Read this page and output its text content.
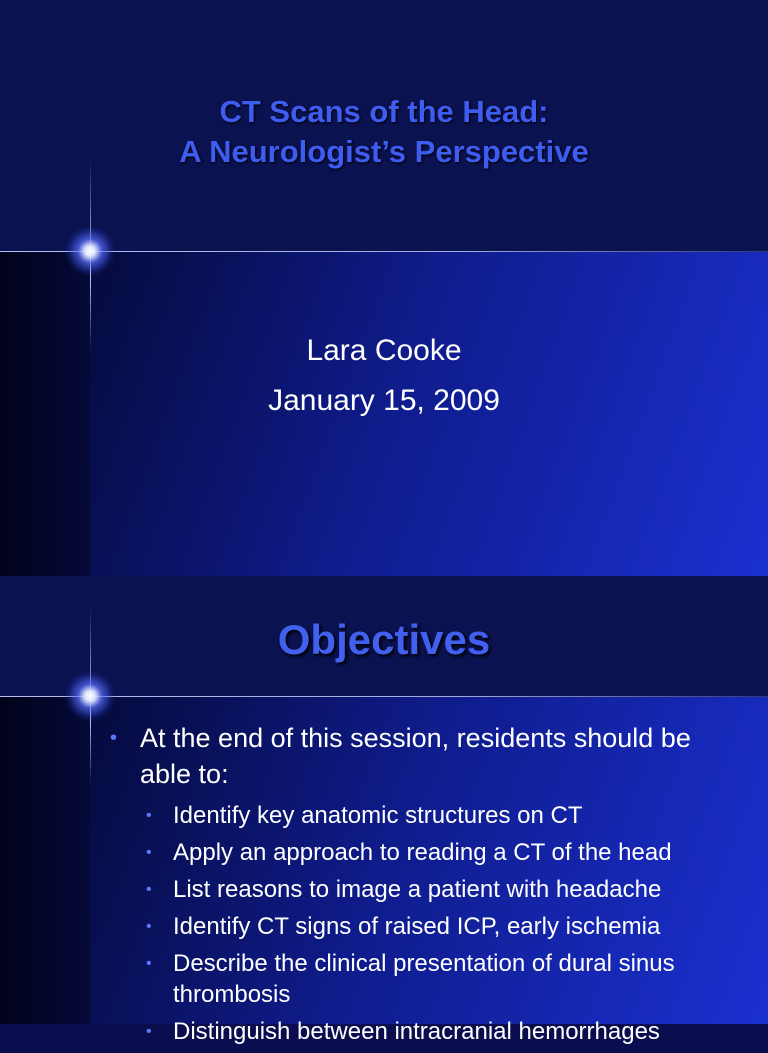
CT Scans of the Head:
A Neurologist’s Perspective
Lara Cooke
January 15, 2009
Objectives
• At the end of this session, residents should be able to:
• Identify key anatomic structures on CT
• Apply an approach to reading a CT of the head
• List reasons to image a patient with headache
• Identify CT signs of raised ICP, early ischemia
• Describe the clinical presentation of dural sinus thrombosis
• Distinguish between intracranial hemorrhages
